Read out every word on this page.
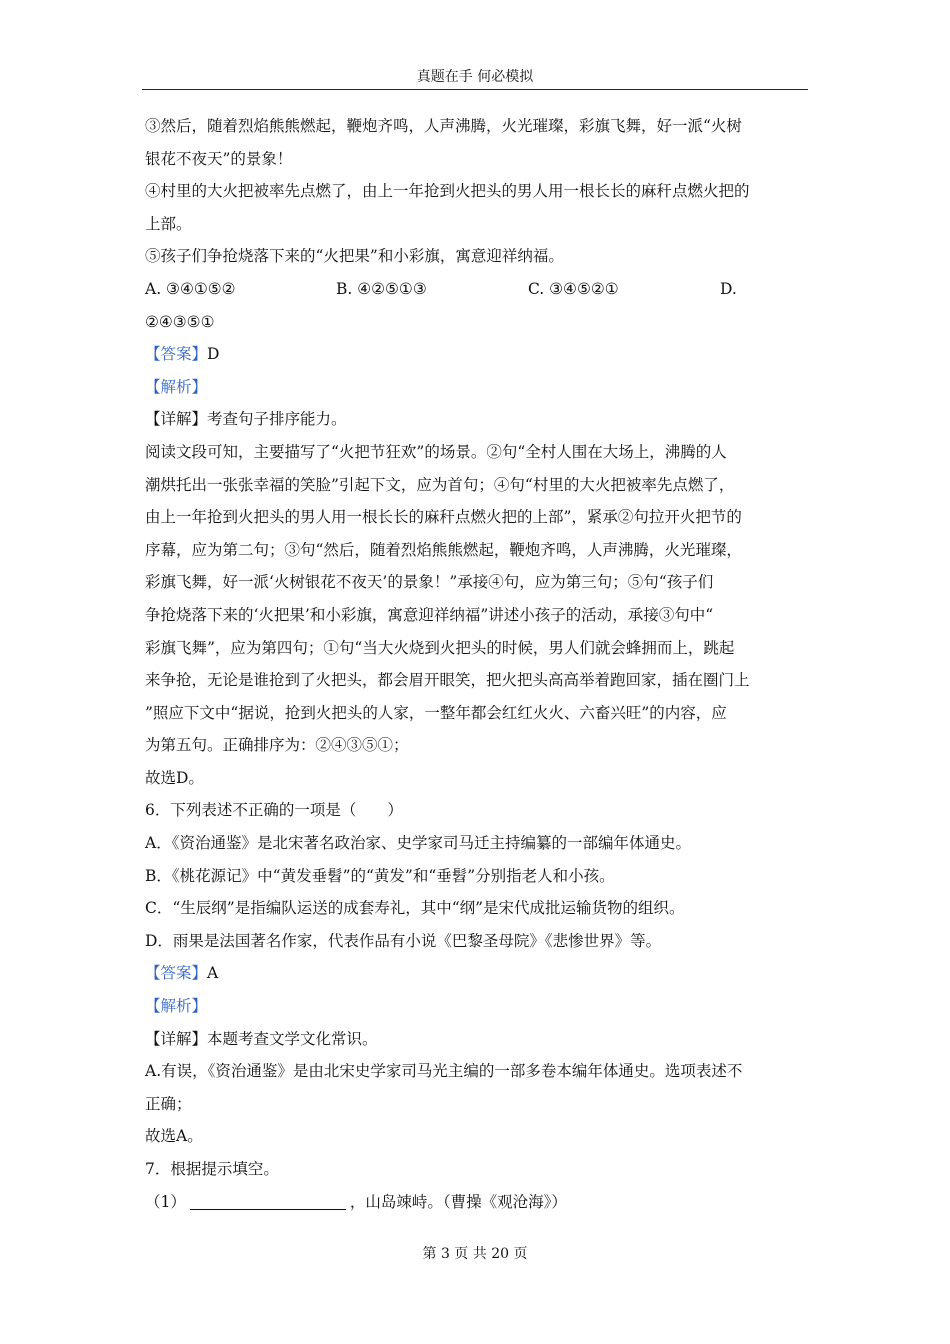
真题在手 何必模拟
③然后，随着烈焰熊熊燃起，鞭炮齐鸣，人声沸腾，火光璀璨，彩旗飞舞，好一派“火树
银花不夜天”的景象！
④村里的大火把被率先点燃了，由上一年抢到火把头的男人用一根长长的麻秆点燃火把的
上部。
⑤孩子们争抢烧落下来的“火把果”和小彩旗，寓意迎祥纳福。
A. ③④①⑤②	B. ④②⑤①③	C. ③④⑤②①	D.
②④③⑤①
【答案】D
【解析】
【详解】考查句子排序能力。
阅读文段可知，主要描写了“火把节狂欢”的场景。②句“全村人围在大场上，沸腾的人
潮烘托出一张张幸福的笑脸”引起下文，应为首句；④句“村里的大火把被率先点燃了，
由上一年抢到火把头的男人用一根长长的麻秆点燃火把的上部”，紧承②句拉开火把节的
序幕，应为第二句；③句“然后，随着烈焰熊熊燃起，鞭炮齐鸣，人声沸腾，火光璀璨，
彩旗飞舞，好一派‘火树银花不夜天’的景象！”承接④句，应为第三句；⑤句“孩子们
争抢烧落下来的‘火把果’和小彩旗，寓意迎祥纳福”讲述小孩子的活动，承接③句中“
彩旗飞舞”，应为第四句；①句“当大火烧到火把头的时候，男人们就会蜂拥而上，跳起
来争抢，无论是谁抢到了火把头，都会眉开眼笑，把火把头高高举着跑回家，插在圈门上
”照应下文中“据说，抢到火把头的人家，一整年都会红红火火、六畜兴旺”的内容，应
为第五句。正确排序为：②④③⑤①；
故选D。
6．下列表述不正确的一项是（　　）
A．《资治通鉴》是北宋著名政治家、史学家司马迁主持编纂的一部编年体通史。
B．《桃花源记》中“黄发垂髫”的“黄发”和“垂髫”分别指老人和小孩。
C．“生辰纲”是指编队运送的成套寿礼，其中“纲”是宋代成批运输货物的组织。
D．雨果是法国著名作家，代表作品有小说《巴黎圣母院》《悲惨世界》等。
【答案】A
【解析】
【详解】本题考查文学文化常识。
A.有误，《资治通鉴》是由北宋史学家司马光主编的一部多卷本编年体通史。选项表述不
正确；
故选A。
7．根据提示填空。
（1）	，山岛竦峙。（曹操《观沧海》）
第 3 页 共 20 页
